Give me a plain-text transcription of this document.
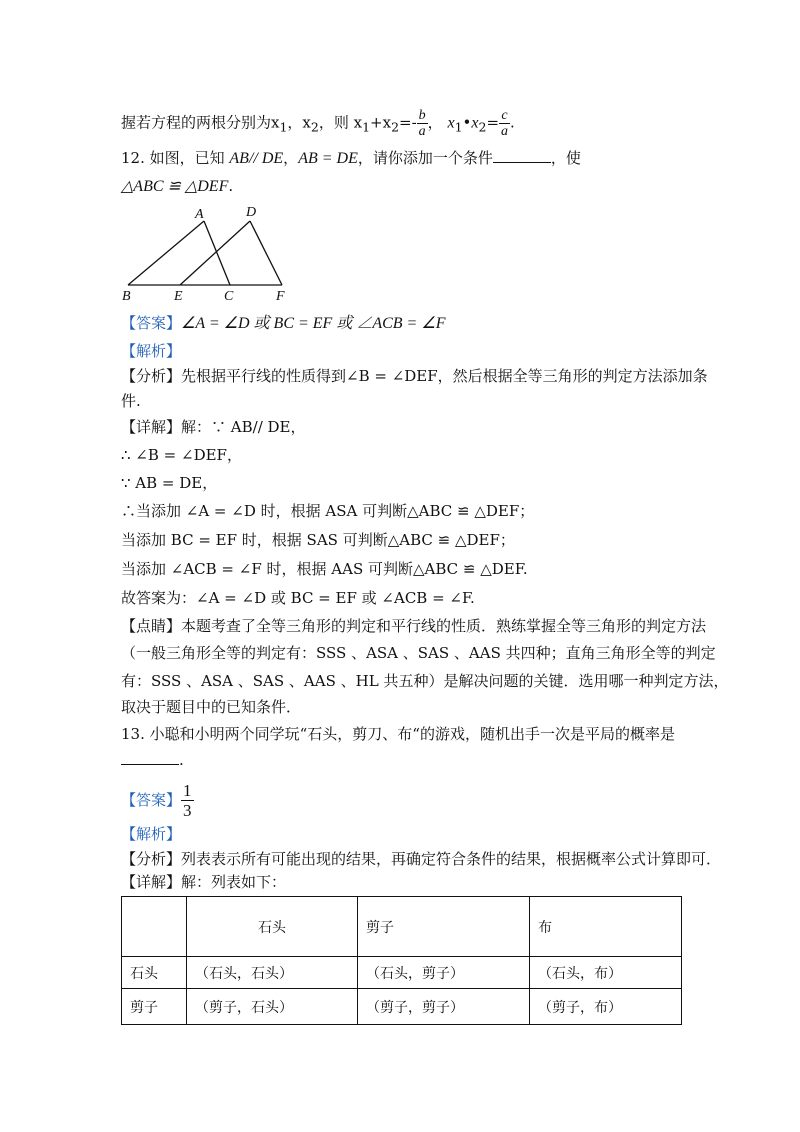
握若方程的两根分别为$x_1$，$x_2$，则 $x_1+x_2=- \frac{b}{a}$ ， $x_1•x_2= \frac{c}{a}$ .
12. 如图，已知 AB// DE，AB = DE，请你添加一个条件	，使
△ABC ≌ △DEF.
A	D
B	E	C	F
【答案】∠A = ∠D 或 BC = EF 或 ∠ACB = ∠F
【解析】
【分析】先根据平行线的性质得到∠B = ∠DEF，然后根据全等三角形的判定方法添加条
件.
【详解】解：∵ AB// DE，
∴ ∠B = ∠DEF，
∵ AB = DE，
∴当添加 ∠A = ∠D 时，根据 ASA 可判断△ABC ≌ △DEF；
当添加 BC = EF 时，根据 SAS 可判断△ABC ≌ △DEF；
当添加 ∠ACB = ∠F 时，根据 AAS 可判断△ABC ≌ △DEF.
故答案为：∠A = ∠D 或 BC = EF 或 ∠ACB = ∠F.
【点睛】本题考查了全等三角形的判定和平行线的性质．熟练掌握全等三角形的判定方法
（一般三角形全等的判定有：SSS 、ASA 、SAS 、AAS 共四种；直角三角形全等的判定
有：SSS 、ASA 、SAS 、AAS 、HL 共五种）是解决问题的关键．选用哪一种判定方法，
取决于题目中的已知条件．
13. 小聪和小明两个同学玩“石头，剪刀、布“的游戏，随机出手一次是平局的概率是
.
【答案】 $\frac{1}{3}$
【解析】
【分析】列表表示所有可能出现的结果，再确定符合条件的结果，根据概率公式计算即可．
【详解】解：列表如下：
	石头	剪子	布
石头	（石头，石头）	（石头，剪子）	（石头，布）
剪子	（剪子，石头）	（剪子，剪子）	（剪子，布）
